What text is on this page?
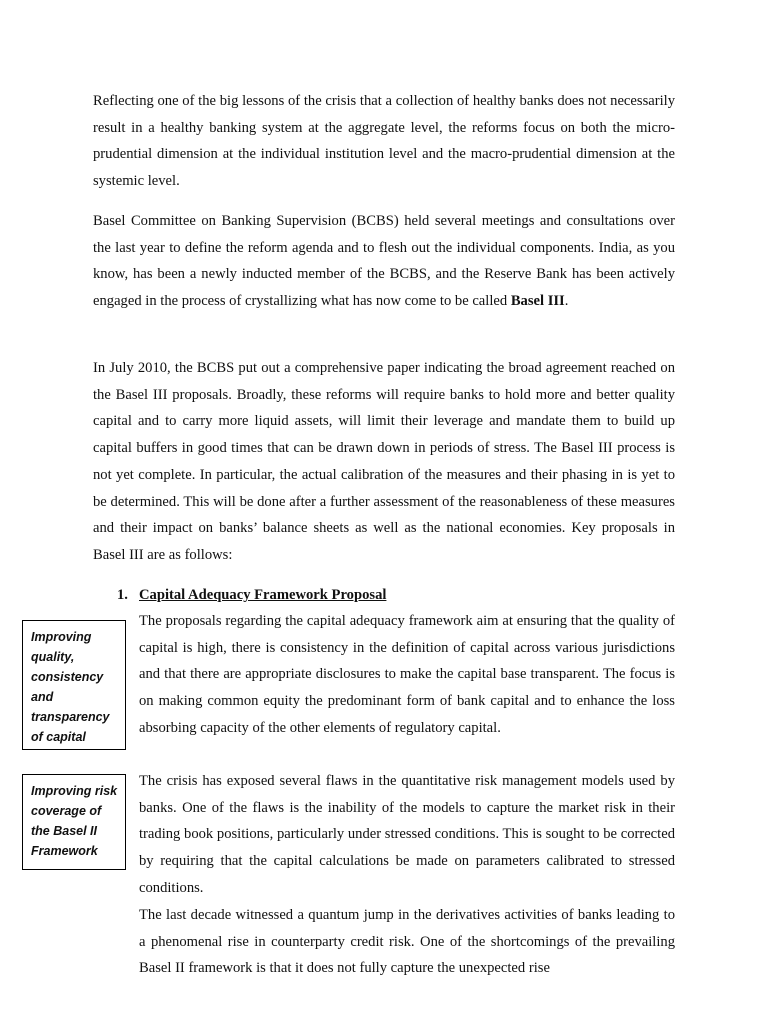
Reflecting one of the big lessons of the crisis that a collection of healthy banks does not necessarily result in a healthy banking system at the aggregate level, the reforms focus on both the micro-prudential dimension at the individual institution level and the macro-prudential dimension at the systemic level.

Basel Committee on Banking Supervision (BCBS) held several meetings and consultations over the last year to define the reform agenda and to flesh out the individual components. India, as you know, has been a newly inducted member of the BCBS, and the Reserve Bank has been actively engaged in the process of crystallizing what has now come to be called Basel III.

In July 2010, the BCBS put out a comprehensive paper indicating the broad agreement reached on the Basel III proposals. Broadly, these reforms will require banks to hold more and better quality capital and to carry more liquid assets, will limit their leverage and mandate them to build up capital buffers in good times that can be drawn down in periods of stress. The Basel III process is not yet complete. In particular, the actual calibration of the measures and their phasing in is yet to be determined. This will be done after a further assessment of the reasonableness of these measures and their impact on banks’ balance sheets as well as the national economies. Key proposals in Basel III are as follows:

1. Capital Adequacy Framework Proposal

The proposals regarding the capital adequacy framework aim at ensuring that the quality of capital is high, there is consistency in the definition of capital across various jurisdictions and that there are appropriate disclosures to make the capital base transparent. The focus is on making common equity the predominant form of bank capital and to enhance the loss absorbing capacity of the other elements of regulatory capital.

The crisis has exposed several flaws in the quantitative risk management models used by banks. One of the flaws is the inability of the models to capture the market risk in their trading book positions, particularly under stressed conditions. This is sought to be corrected by requiring that the capital calculations be made on parameters calibrated to stressed conditions.

The last decade witnessed a quantum jump in the derivatives activities of banks leading to a phenomenal rise in counterparty credit risk. One of the shortcomings of the prevailing Basel II framework is that it does not fully capture the unexpected rise

Improving quality, consistency and transparency of capital
Improving risk coverage of the Basel II Framework
